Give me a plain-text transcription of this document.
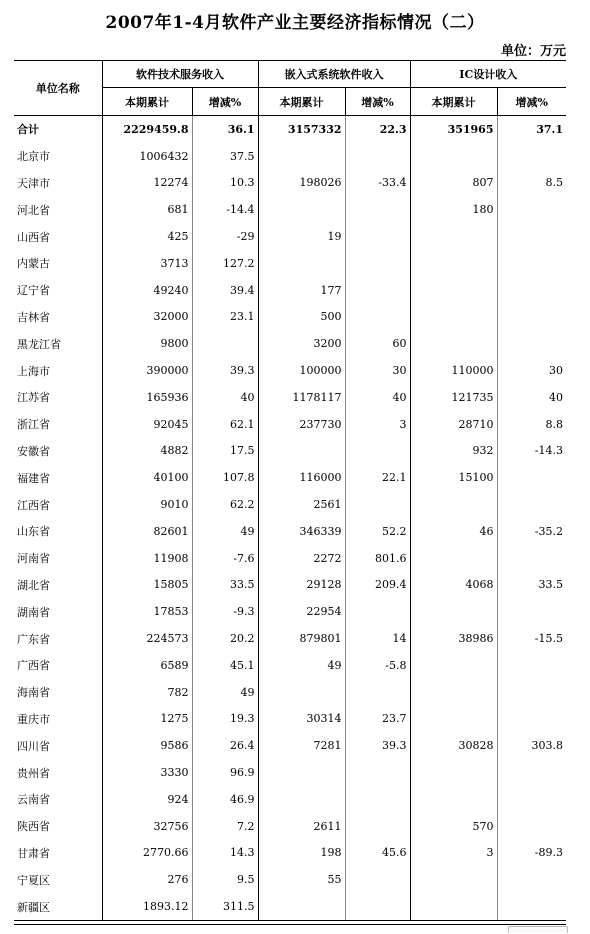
2007年1-4月软件产业主要经济指标情况（二）
单位：万元
单位名称	软件技术服务收入		嵌入式系统软件收入		IC设计收入	
	本期累计	增减%	本期累计	增减%	本期累计	增减%
合计	2229459.8	36.1	3157332	22.3	351965	37.1
北京市	1006432	37.5				
天津市	12274	10.3	198026	-33.4	807	8.5
河北省	681	-14.4			180	
山西省	425	-29	19			
内蒙古	3713	127.2				
辽宁省	49240	39.4	177			
吉林省	32000	23.1	500			
黑龙江省	9800		3200	60		
上海市	390000	39.3	100000	30	110000	30
江苏省	165936	40	1178117	40	121735	40
浙江省	92045	62.1	237730	3	28710	8.8
安徽省	4882	17.5			932	-14.3
福建省	40100	107.8	116000	22.1	15100	
江西省	9010	62.2	2561			
山东省	82601	49	346339	52.2	46	-35.2
河南省	11908	-7.6	2272	801.6		
湖北省	15805	33.5	29128	209.4	4068	33.5
湖南省	17853	-9.3	22954			
广东省	224573	20.2	879801	14	38986	-15.5
广西省	6589	45.1	49	-5.8		
海南省	782	49				
重庆市	1275	19.3	30314	23.7		
四川省	9586	26.4	7281	39.3	30828	303.8
贵州省	3330	96.9				
云南省	924	46.9				
陕西省	32756	7.2	2611		570	
甘肃省	2770.66	14.3	198	45.6	3	-89.3
宁夏区	276	9.5	55			
新疆区	1893.12	311.5				
